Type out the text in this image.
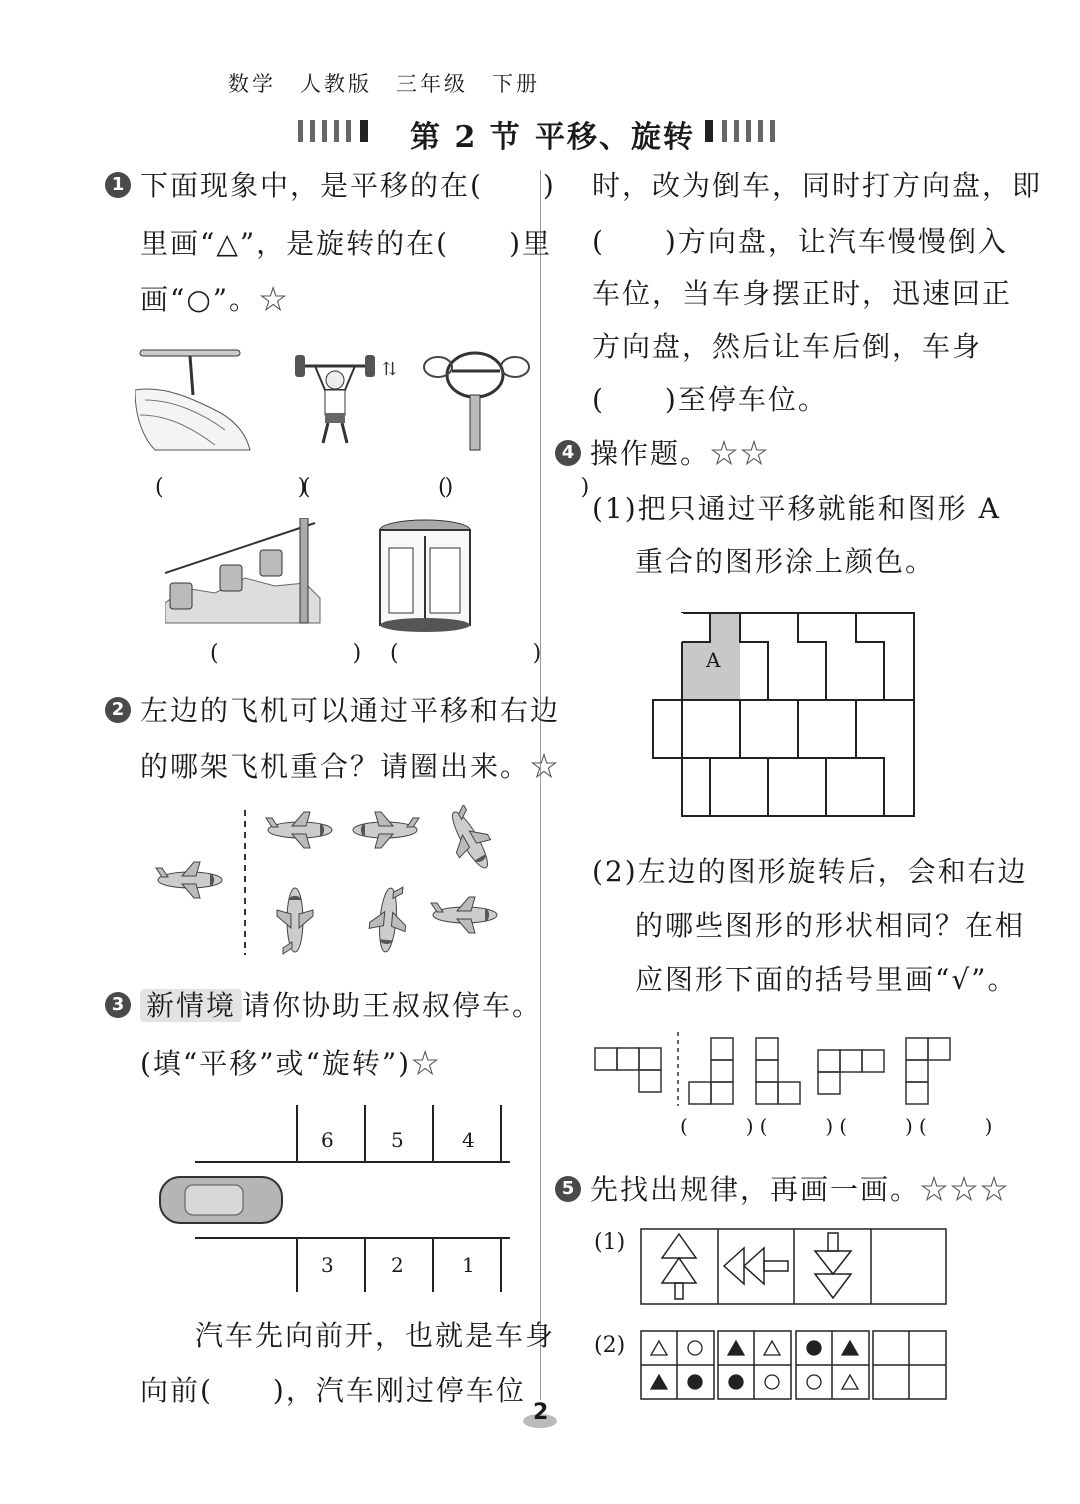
数学　人教版　三年级　下册
第 2 节 平移、旋转
1 下面现象中，是平移的在(　　)
里画“△”，是旋转的在(　　)里
画“○”。☆
⇅
(　　)
(　　)
(　　)
(　　)
(　　)
2 左边的飞机可以通过平移和右边
的哪架飞机重合？请圈出来。☆
3 新情境 请你协助王叔叔停车。
(填“平移”或“旋转”)☆
6	5	4
3	2	1
汽车先向前开，也就是车身
向前(　　)，汽车刚过停车位
时，改为倒车，同时打方向盘，即
(　　)方向盘，让汽车慢慢倒入
车位，当车身摆正时，迅速回正
方向盘，然后让车后倒，车身
(　　)至停车位。
4 操作题。☆☆
(1)把只通过平移就能和图形 A
重合的图形涂上颜色。
A
(2)左边的图形旋转后，会和右边
的哪些图形的形状相同？在相
应图形下面的括号里画“√”。
(　　)(　　)(　　)(　　)
5 先找出规律，再画一画。☆☆☆
(1)
(2)
2
